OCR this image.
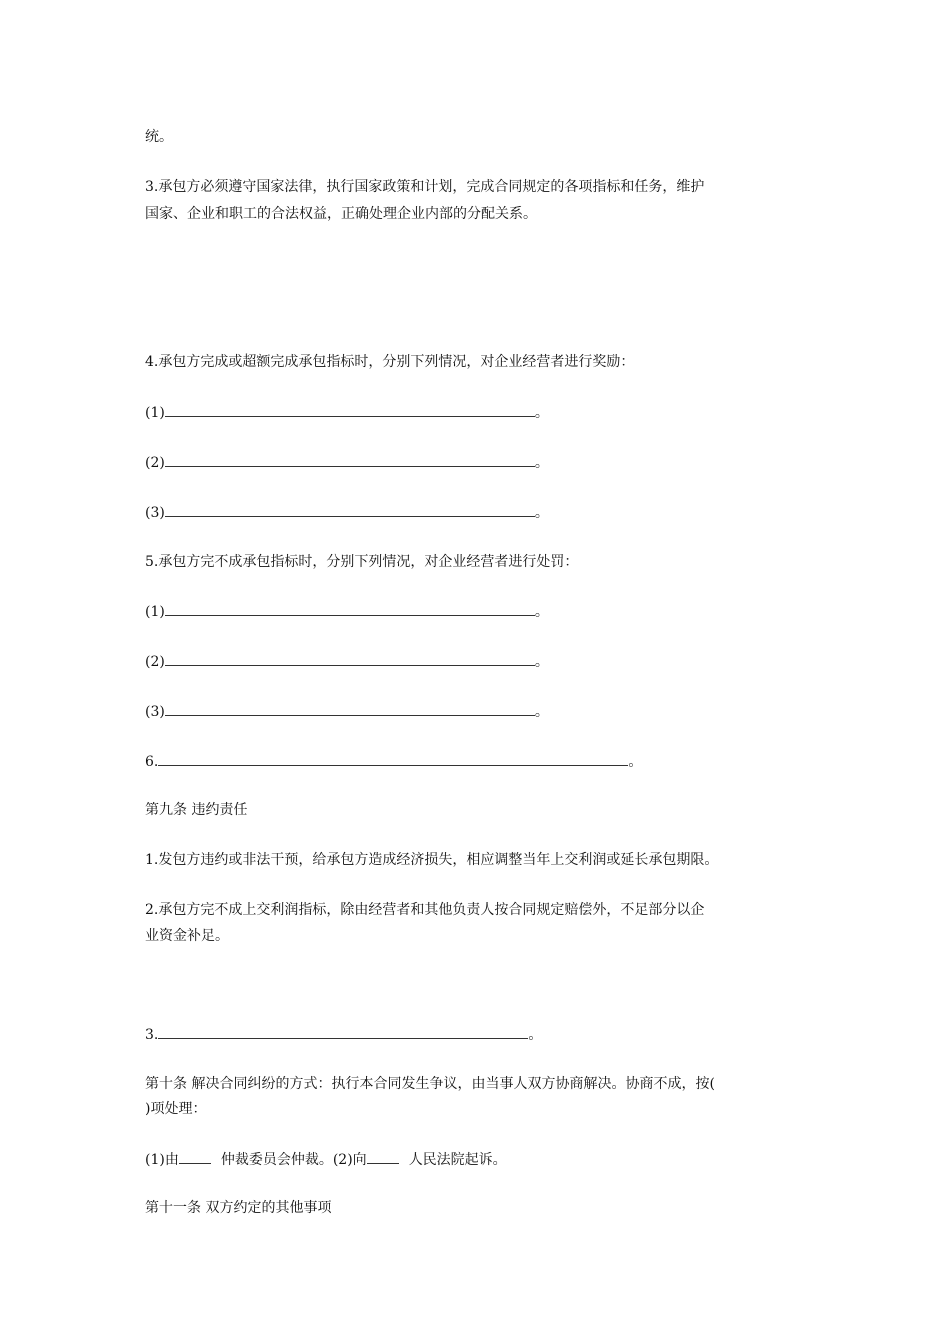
统。
3.承包方必须遵守国家法律，执行国家政策和计划，完成合同规定的各项指标和任务，维护
国家、企业和职工的合法权益，正确处理企业内部的分配关系。
4.承包方完成或超额完成承包指标时，分别下列情况，对企业经营者进行奖励：
(1)	。
(2)	。
(3)	。
5.承包方完不成承包指标时，分别下列情况，对企业经营者进行处罚：
(1)	。
(2)	。
(3)	。
6.	。
第九条 违约责任
1.发包方违约或非法干预，给承包方造成经济损失，相应调整当年上交利润或延长承包期限。
2.承包方完不成上交利润指标，除由经营者和其他负责人按合同规定赔偿外，不足部分以企
业资金补足。
3.	。
第十条 解决合同纠纷的方式：执行本合同发生争议，由当事人双方协商解决。协商不成，按(
)项处理：
(1)由	仲裁委员会仲裁。(2)向	人民法院起诉。
第十一条 双方约定的其他事项
